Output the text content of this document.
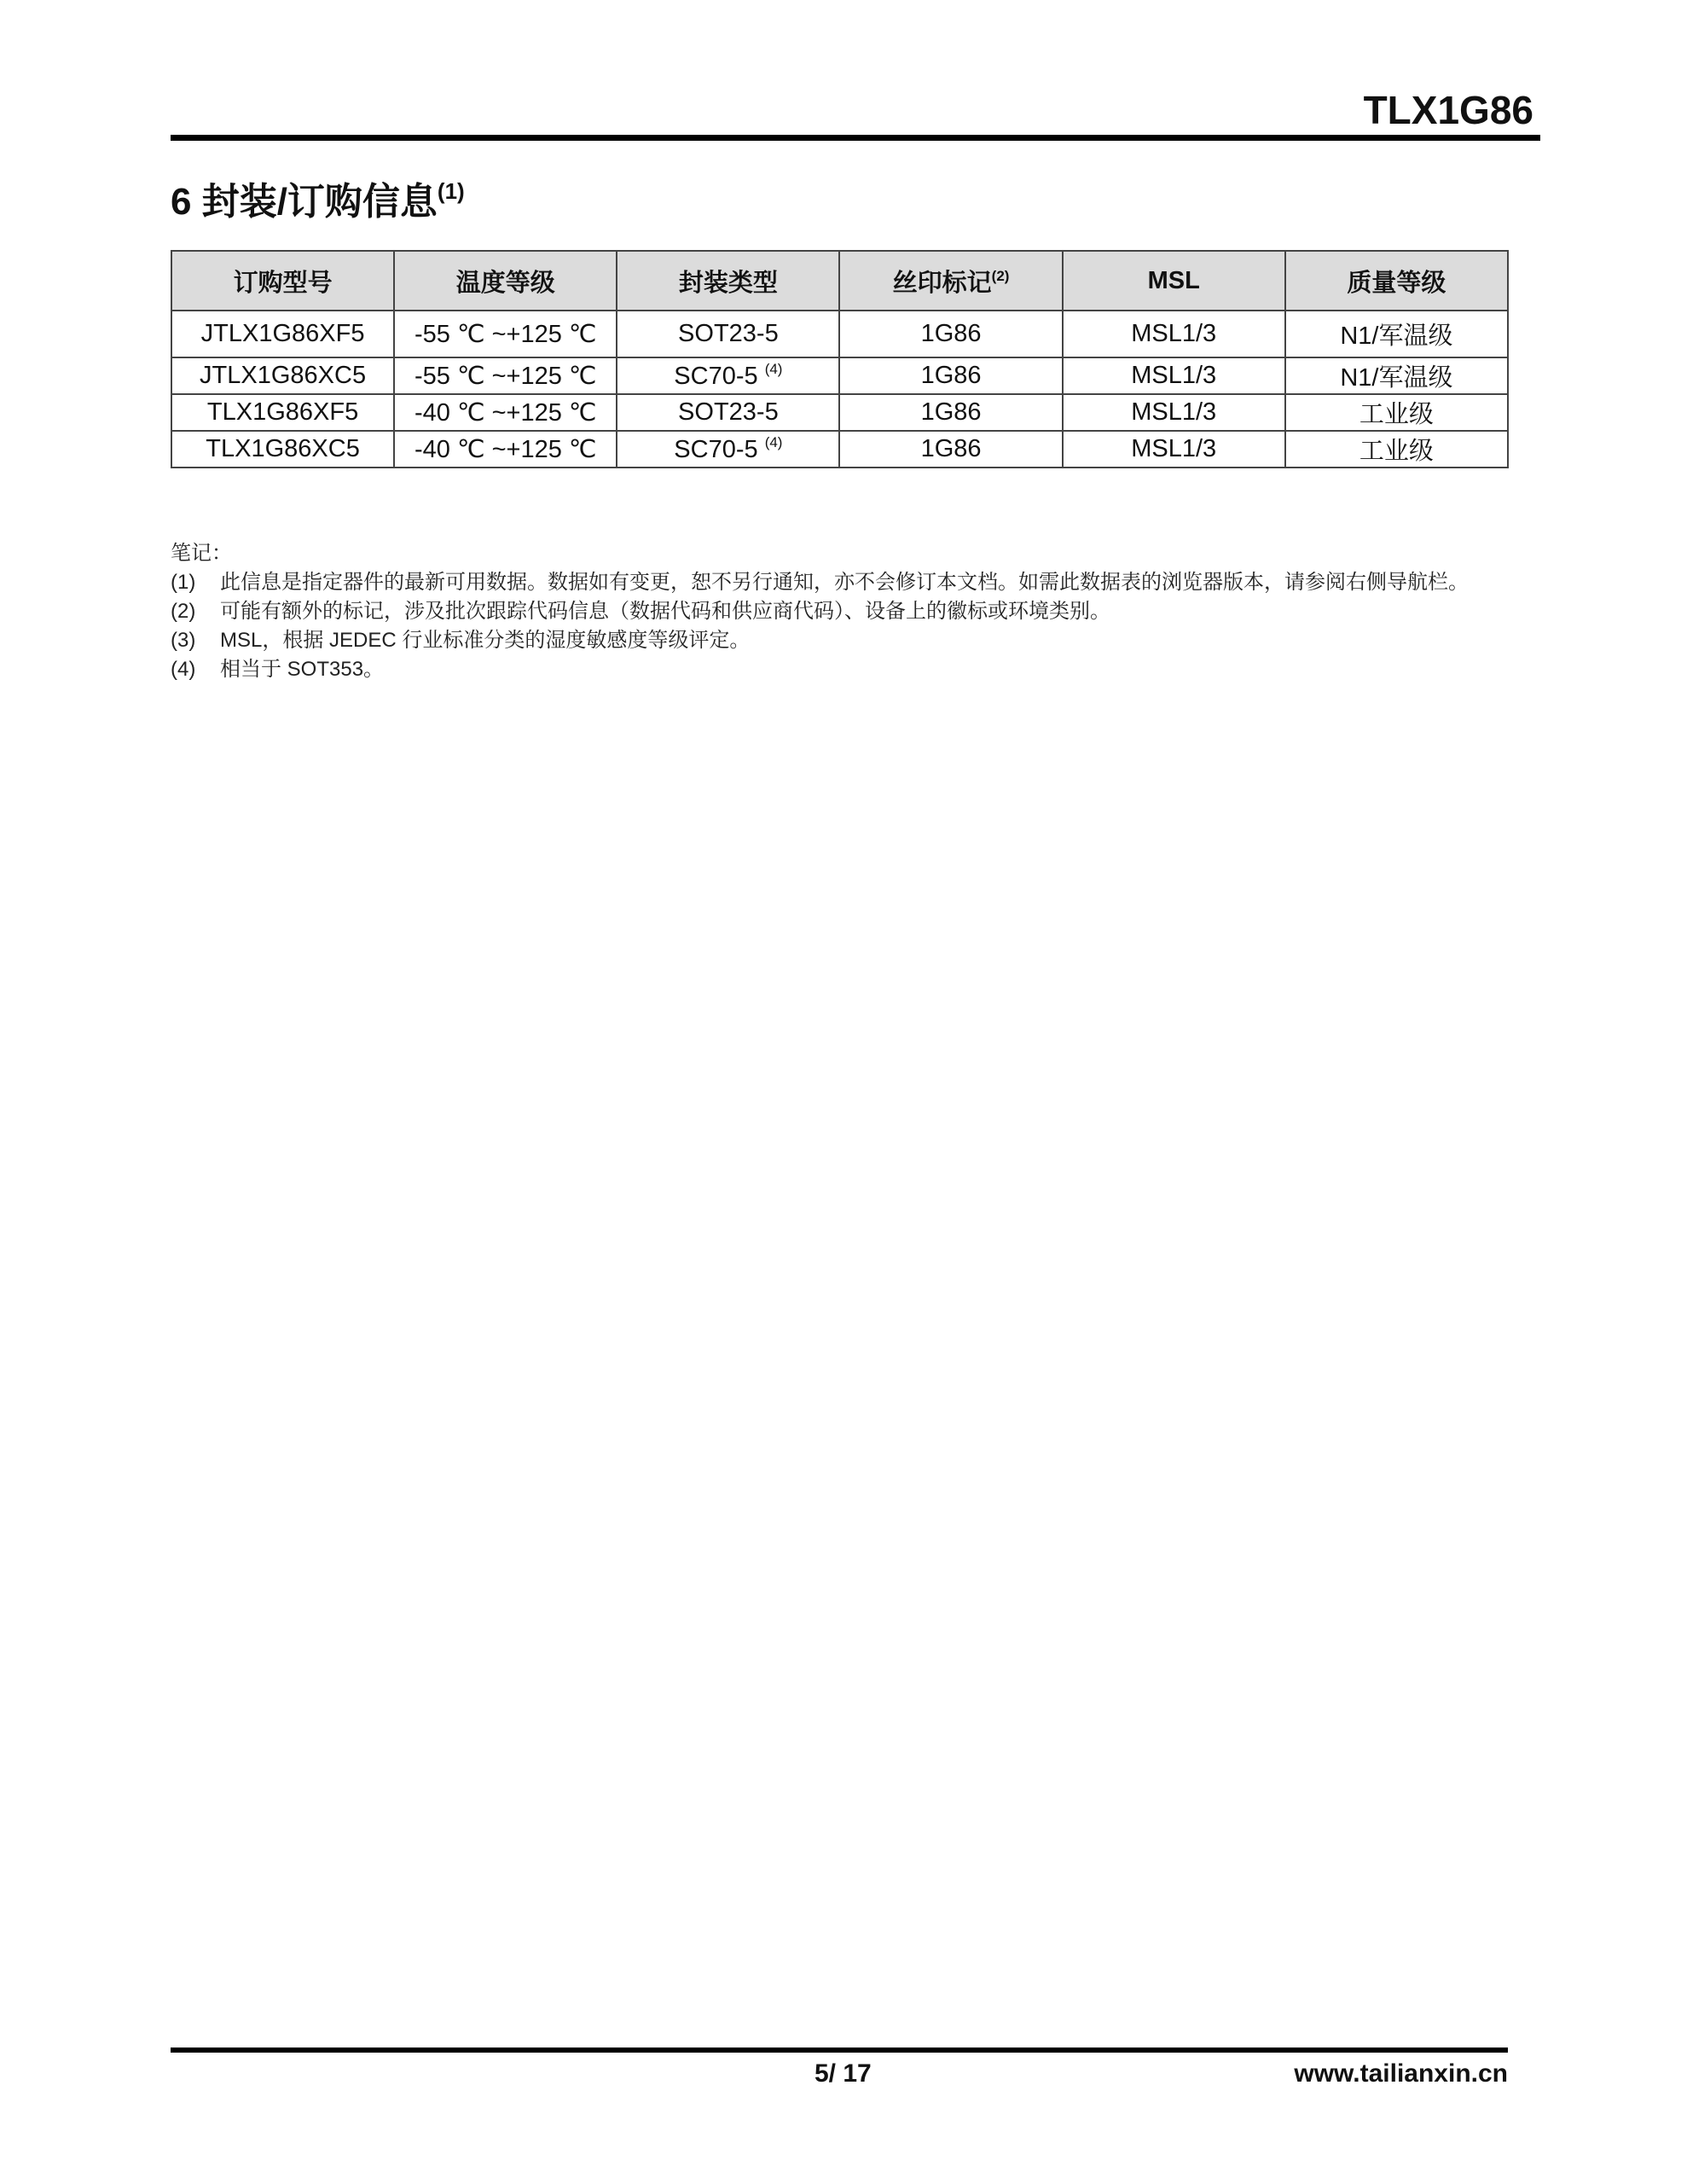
TLX1G86
6 封装/订购信息$^{(1)}$
订购型号	温度等级	封装类型	丝印标记$^{(2)}$	MSL	质量等级
JTLX1G86XF5	-55 ℃ ~+125 ℃	SOT23-5	1G86	MSL1/3	N1/军温级
JTLX1G86XC5	-55 ℃ ~+125 ℃	SC70-5 $^{(4)}$	1G86	MSL1/3	N1/军温级
TLX1G86XF5	-40 ℃ ~+125 ℃	SOT23-5	1G86	MSL1/3	工业级
TLX1G86XC5	-40 ℃ ~+125 ℃	SC70-5 $^{(4)}$	1G86	MSL1/3	工业级
笔记：
(1)	此信息是指定器件的最新可用数据。数据如有变更，恕不另行通知，亦不会修订本文档。如需此数据表的浏览器版本，请参阅右侧导航栏。
(2)	可能有额外的标记，涉及批次跟踪代码信息（数据代码和供应商代码）、设备上的徽标或环境类别。
(3)	MSL，根据 JEDEC 行业标准分类的湿度敏感度等级评定。
(4)	相当于 SOT353。
5/ 17	www.tailianxin.cn
